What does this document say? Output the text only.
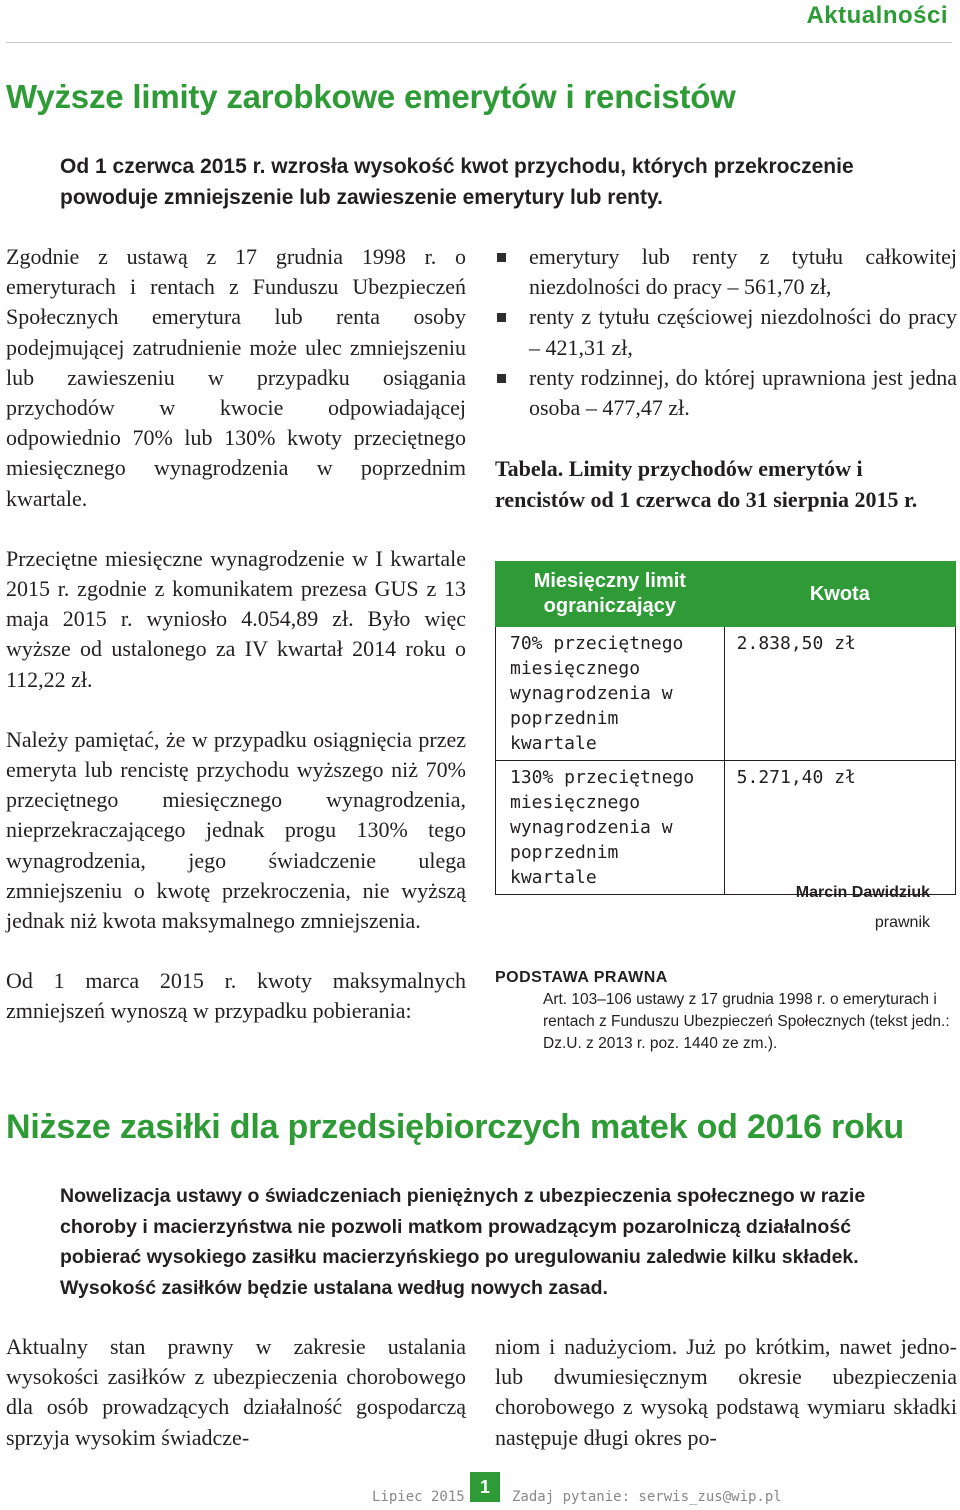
Aktualności
Wyższe limity zarobkowe emerytów i rencistów
Od 1 czerwca 2015 r. wzrosła wysokość kwot przychodu, których przekroczenie powoduje zmniejszenie lub zawieszenie emerytury lub renty.

Zgodnie z ustawą z 17 grudnia 1998 r. o emeryturach i rentach z Funduszu Ubezpieczeń Społecznych emerytura lub renta osoby podejmującej zatrudnienie może ulec zmniejszeniu lub zawieszeniu w przypadku osiągania przychodów w kwocie odpowiadającej odpowiednio 70% lub 130% kwoty przeciętnego miesięcznego wynagrodzenia w poprzednim kwartale.

Przeciętne miesięczne wynagrodzenie w I kwartale 2015 r. zgodnie z komunikatem prezesa GUS z 13 maja 2015 r. wyniosło 4.054,89 zł. Było więc wyższe od ustalonego za IV kwartał 2014 roku o 112,22 zł.

Należy pamiętać, że w przypadku osiągnięcia przez emeryta lub rencistę przychodu wyższego niż 70% przeciętnego miesięcznego wynagrodzenia, nieprzekraczającego jednak progu 130% tego wynagrodzenia, jego świadczenie ulega zmniejszeniu o kwotę przekroczenia, nie wyższą jednak niż kwota maksymalnego zmniejszenia.

Od 1 marca 2015 r. kwoty maksymalnych zmniejszeń wynoszą w przypadku pobierania:

emerytury lub renty z tytułu całkowitej niezdolności do pracy – 561,70 zł,
renty z tytułu częściowej niezdolności do pracy – 421,31 zł,
renty rodzinnej, do której uprawniona jest jedna osoba – 477,47 zł.
Tabela. Limity przychodów emerytów i rencistów od 1 czerwca do 31 sierpnia 2015 r.
Miesięczny limit ograniczający	Kwota
70% przeciętnego miesięcznego wynagrodzenia w poprzednim kwartale	2.838,50 zł
130% przeciętnego miesięcznego wynagrodzenia w poprzednim kwartale	5.271,40 zł
Marcin Dawidziuk
prawnik
PODSTAWA PRAWNA
Art. 103–106 ustawy z 17 grudnia 1998 r. o emeryturach i rentach z Funduszu Ubezpieczeń Społecznych (tekst jedn.: Dz.U. z 2013 r. poz. 1440 ze zm.).
Niższe zasiłki dla przedsiębiorczych matek od 2016 roku
Nowelizacja ustawy o świadczeniach pieniężnych z ubezpieczenia społecznego w razie choroby i macierzyństwa nie pozwoli matkom prowadzącym pozarolniczą działalność pobierać wysokiego zasiłku macierzyńskiego po uregulowaniu zaledwie kilku składek. Wysokość zasiłków będzie ustalana według nowych zasad.

Aktualny stan prawny w zakresie ustalania wysokości zasiłków z ubezpieczenia chorobowego dla osób prowadzących działalność gospodarczą sprzyja wysokim świadcze-

niom i nadużyciom. Już po krótkim, nawet jedno- lub dwumiesięcznym okresie ubezpieczenia chorobowego z wysoką podstawą wymiaru składki następuje długi okres po-

Lipiec 2015 1	Zadaj pytanie: serwis_zus@wip.pl
